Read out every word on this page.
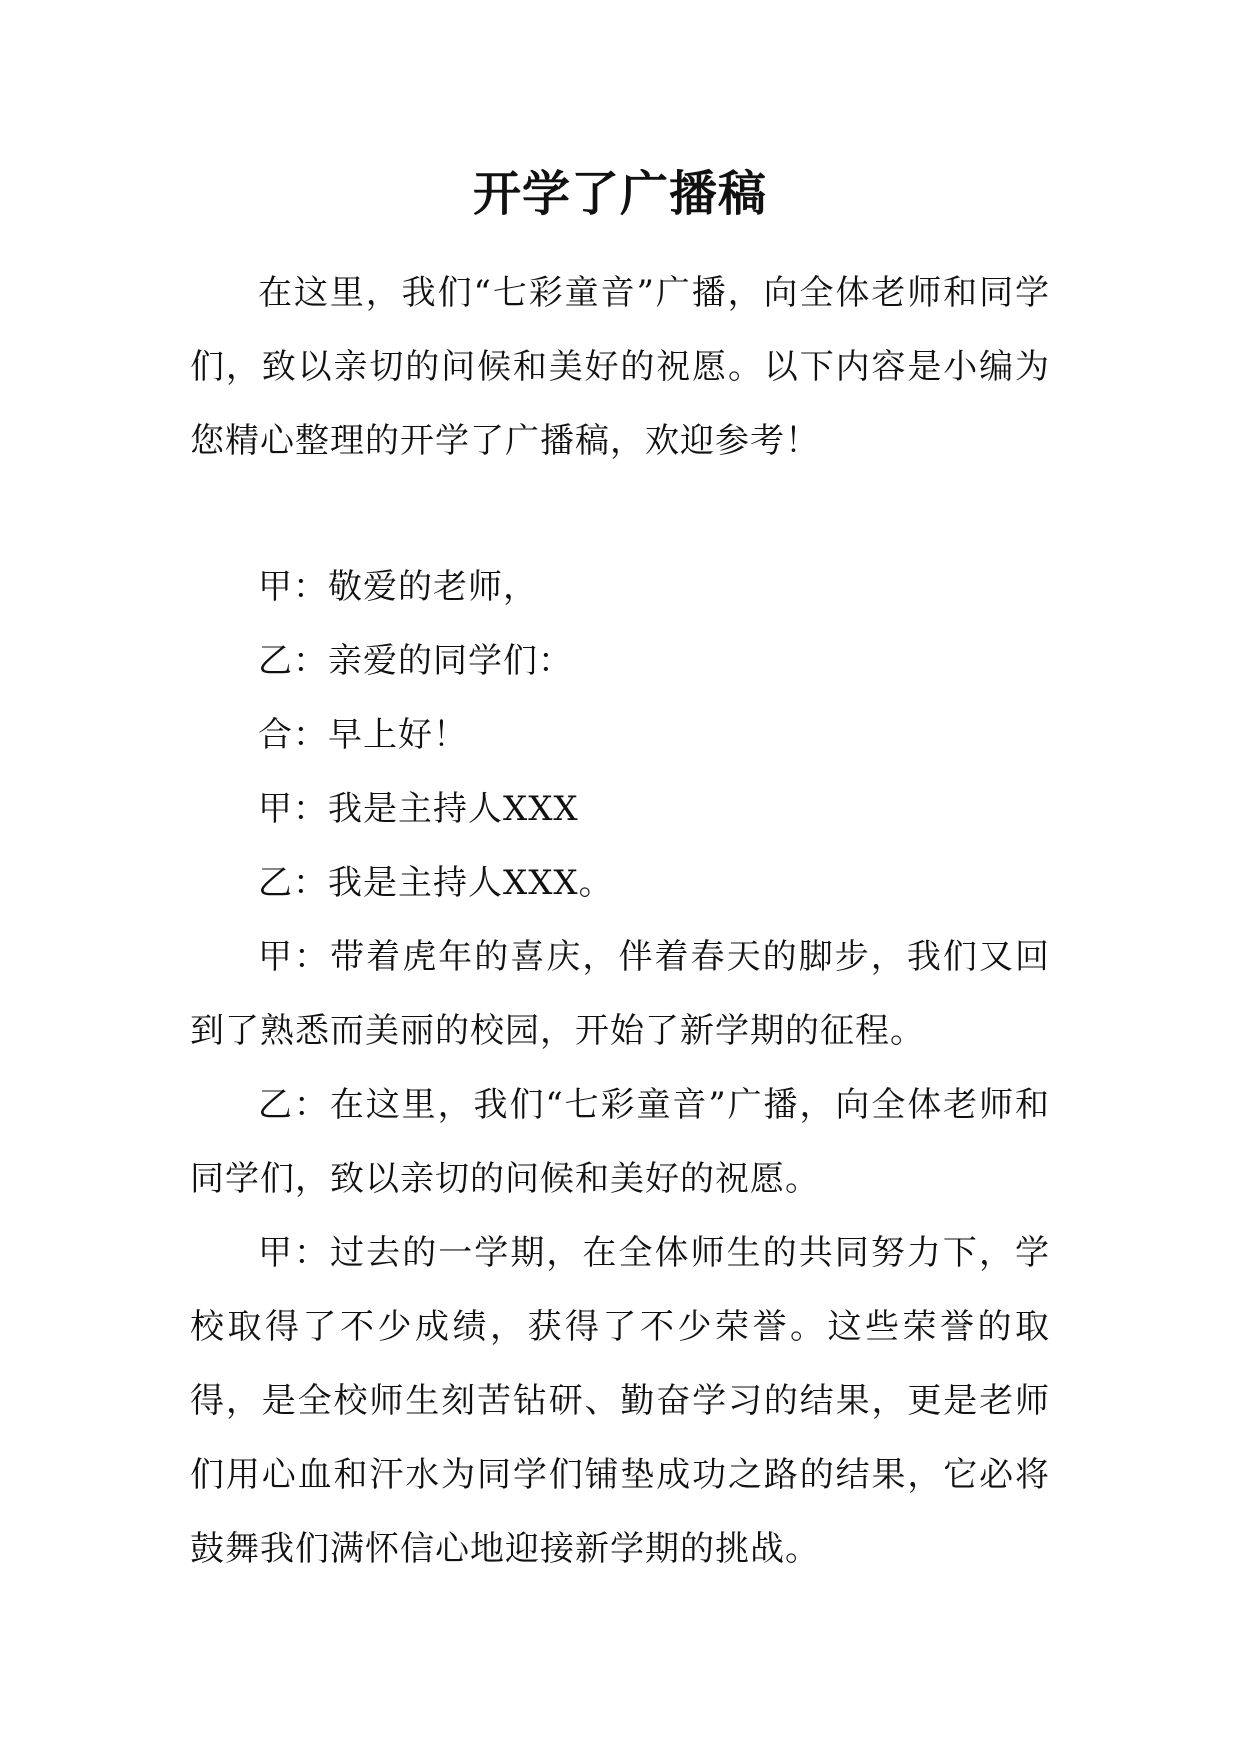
开学了广播稿

在这里，我们“七彩童音”广播，向全体老师和同学们，致以亲切的问候和美好的祝愿。以下内容是小编为您精心整理的开学了广播稿，欢迎参考！

甲：敬爱的老师，

乙：亲爱的同学们：

合：早上好！

甲：我是主持人XXX

乙：我是主持人XXX。

甲：带着虎年的喜庆，伴着春天的脚步，我们又回到了熟悉而美丽的校园，开始了新学期的征程。

乙：在这里，我们“七彩童音”广播，向全体老师和同学们，致以亲切的问候和美好的祝愿。

甲：过去的一学期，在全体师生的共同努力下，学校取得了不少成绩，获得了不少荣誉。这些荣誉的取得，是全校师生刻苦钻研、勤奋学习的结果，更是老师们用心血和汗水为同学们铺垫成功之路的结果，它必将鼓舞我们满怀信心地迎接新学期的挑战。
